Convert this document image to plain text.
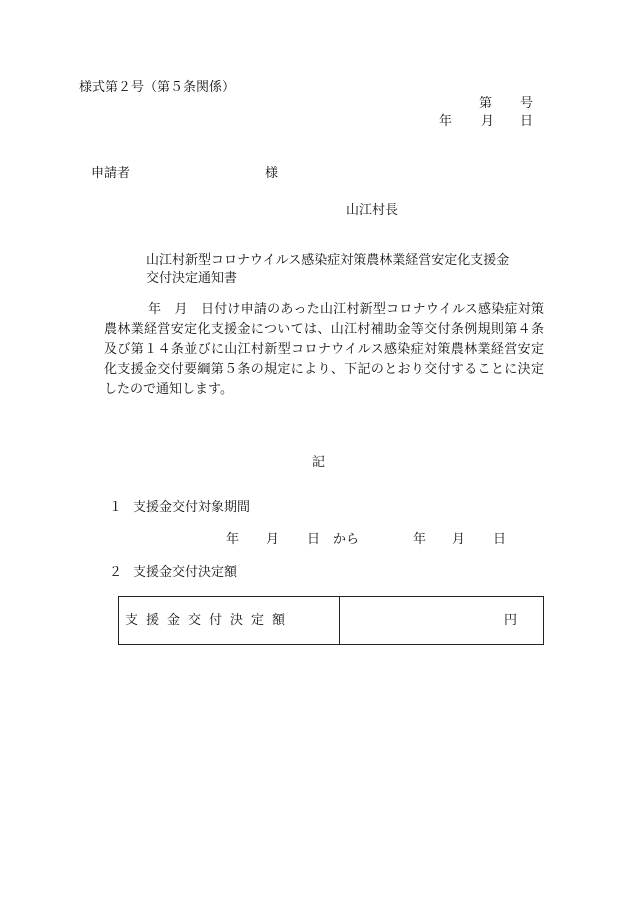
様式第２号（第５条関係）
第 号
年 月 日
申請者	様
山江村長
山江村新型コロナウイルス感染症対策農林業経営安定化支援金
交付決定通知書
年　月　日付け申請のあった山江村新型コロナウイルス感染症対策農林業経営安定化支援金については、山江村補助金等交付条例規則第４条及び第１４条並びに山江村新型コロナウイルス感染症対策農林業経営安定化支援金交付要綱第５条の規定により、下記のとおり交付することに決定したので通知します。
記
１ 支援金交付対象期間
年 月 日 から	年 月 日
２ 支援金交付決定額
支援金交付決定額	円
